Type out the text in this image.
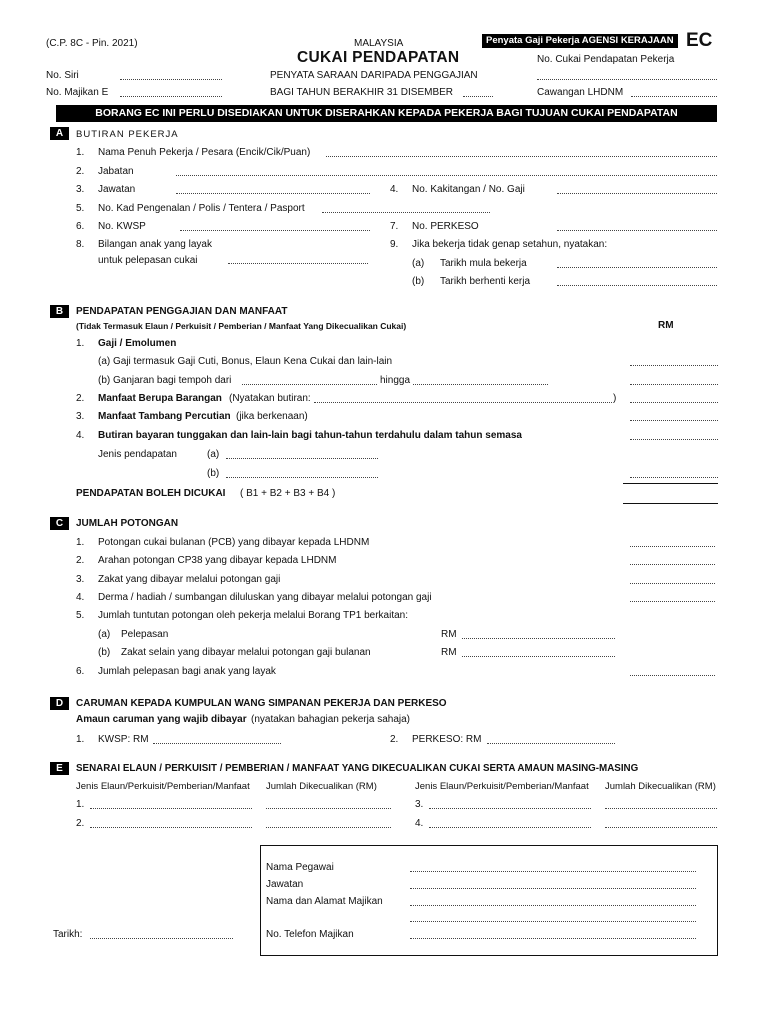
(C.P. 8C - Pin. 2021)	MALAYSIA	Penyata Gaji Pekerja AGENSI KERAJAAN EC
CUKAI PENDAPATAN	No. Cukai Pendapatan Pekerja
No. Siri	PENYATA SARAAN DARIPADA PENGGAJIAN
No. Majikan E	BAGI TAHUN BERAKHIR 31 DISEMBER	Cawangan LHDNM
BORANG EC INI PERLU DISEDIAKAN UNTUK DISERAHKAN KEPADA PEKERJA BAGI TUJUAN CUKAI PENDAPATAN
A	BUTIRAN PEKERJA
1. Nama Penuh Pekerja / Pesara (Encik/Cik/Puan)
2. Jabatan
3. Jawatan	4. No. Kakitangan / No. Gaji
5. No. Kad Pengenalan / Polis / Tentera / Pasport
6. No. KWSP	7. No. PERKESO
8. Bilangan anak yang layak
untuk pelepasan cukai
9. Jika bekerja tidak genap setahun, nyatakan:
(a) Tarikh mula bekerja
(b) Tarikh berhenti kerja
B	PENDAPATAN PENGGAJIAN DAN MANFAAT
(Tidak Termasuk Elaun / Perkuisit / Pemberian / Manfaat Yang Dikecualikan Cukai)	RM
1. Gaji / Emolumen
(a) Gaji termasuk Gaji Cuti, Bonus, Elaun Kena Cukai dan lain-lain
(b) Ganjaran bagi tempoh dari	hingga
2. Manfaat Berupa Barangan (Nyatakan butiran:	)
3. Manfaat Tambang Percutian (jika berkenaan)
4. Butiran bayaran tunggakan dan lain-lain bagi tahun-tahun terdahulu dalam tahun semasa
Jenis pendapatan	(a)
(b)
PENDAPATAN BOLEH DICUKAI ( B1 + B2 + B3 + B4 )
C	JUMLAH POTONGAN
1. Potongan cukai bulanan (PCB) yang dibayar kepada LHDNM
2. Arahan potongan CP38 yang dibayar kepada LHDNM
3. Zakat yang dibayar melalui potongan gaji
4. Derma / hadiah / sumbangan diluluskan yang dibayar melalui potongan gaji
5. Jumlah tuntutan potongan oleh pekerja melalui Borang TP1 berkaitan:
(a) Pelepasan	RM
(b) Zakat selain yang dibayar melalui potongan gaji bulanan	RM
6. Jumlah pelepasan bagi anak yang layak
D	CARUMAN KEPADA KUMPULAN WANG SIMPANAN PEKERJA DAN PERKESO
Amaun caruman yang wajib dibayar (nyatakan bahagian pekerja sahaja)
1. KWSP: RM	2. PERKESO: RM
E	SENARAI ELAUN / PERKUISIT / PEMBERIAN / MANFAAT YANG DIKECUALIKAN CUKAI SERTA AMAUN MASING-MASING
Jenis Elaun/Perkuisit/Pemberian/Manfaat Jumlah Dikecualikan (RM)	Jenis Elaun/Perkuisit/Pemberian/Manfaat Jumlah Dikecualikan (RM)
1.	3.
2.	4.
Nama Pegawai
Jawatan
Nama dan Alamat Majikan
No. Telefon Majikan
Tarikh:
